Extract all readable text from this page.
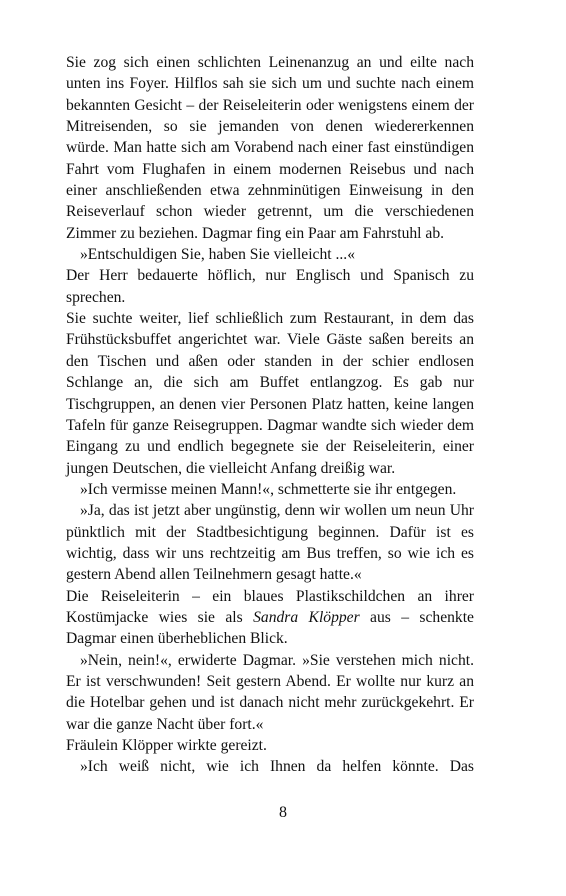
Sie zog sich einen schlichten Leinenanzug an und eilte nach unten ins Foyer. Hilflos sah sie sich um und suchte nach einem bekannten Gesicht – der Reiseleiterin oder wenigstens einem der Mitreisenden, so sie jemanden von denen wiedererkennen würde. Man hatte sich am Vorabend nach einer fast einstündigen Fahrt vom Flughafen in einem modernen Reisebus und nach einer anschließenden etwa zehnminütigen Einweisung in den Reiseverlauf schon wieder getrennt, um die verschiedenen Zimmer zu beziehen. Dagmar fing ein Paar am Fahrstuhl ab.

»Entschuldigen Sie, haben Sie vielleicht ...«

Der Herr bedauerte höflich, nur Englisch und Spanisch zu sprechen.

Sie suchte weiter, lief schließlich zum Restaurant, in dem das Frühstücksbuffet angerichtet war. Viele Gäste saßen bereits an den Tischen und aßen oder standen in der schier endlosen Schlange an, die sich am Buffet entlangzog. Es gab nur Tischgruppen, an denen vier Personen Platz hatten, keine langen Tafeln für ganze Reisegruppen. Dagmar wandte sich wieder dem Eingang zu und endlich begegnete sie der Reiseleiterin, einer jungen Deutschen, die vielleicht Anfang dreißig war.

»Ich vermisse meinen Mann!«, schmetterte sie ihr entgegen.

»Ja, das ist jetzt aber ungünstig, denn wir wollen um neun Uhr pünktlich mit der Stadtbesichtigung beginnen. Dafür ist es wichtig, dass wir uns rechtzeitig am Bus treffen, so wie ich es gestern Abend allen Teilnehmern gesagt hatte.«

Die Reiseleiterin – ein blaues Plastikschildchen an ihrer Kostümjacke wies sie als Sandra Klöpper aus – schenkte Dagmar einen überheblichen Blick.

»Nein, nein!«, erwiderte Dagmar. »Sie verstehen mich nicht. Er ist verschwunden! Seit gestern Abend. Er wollte nur kurz an die Hotelbar gehen und ist danach nicht mehr zurückgekehrt. Er war die ganze Nacht über fort.«

Fräulein Klöpper wirkte gereizt.

»Ich weiß nicht, wie ich Ihnen da helfen könnte. Das

8
